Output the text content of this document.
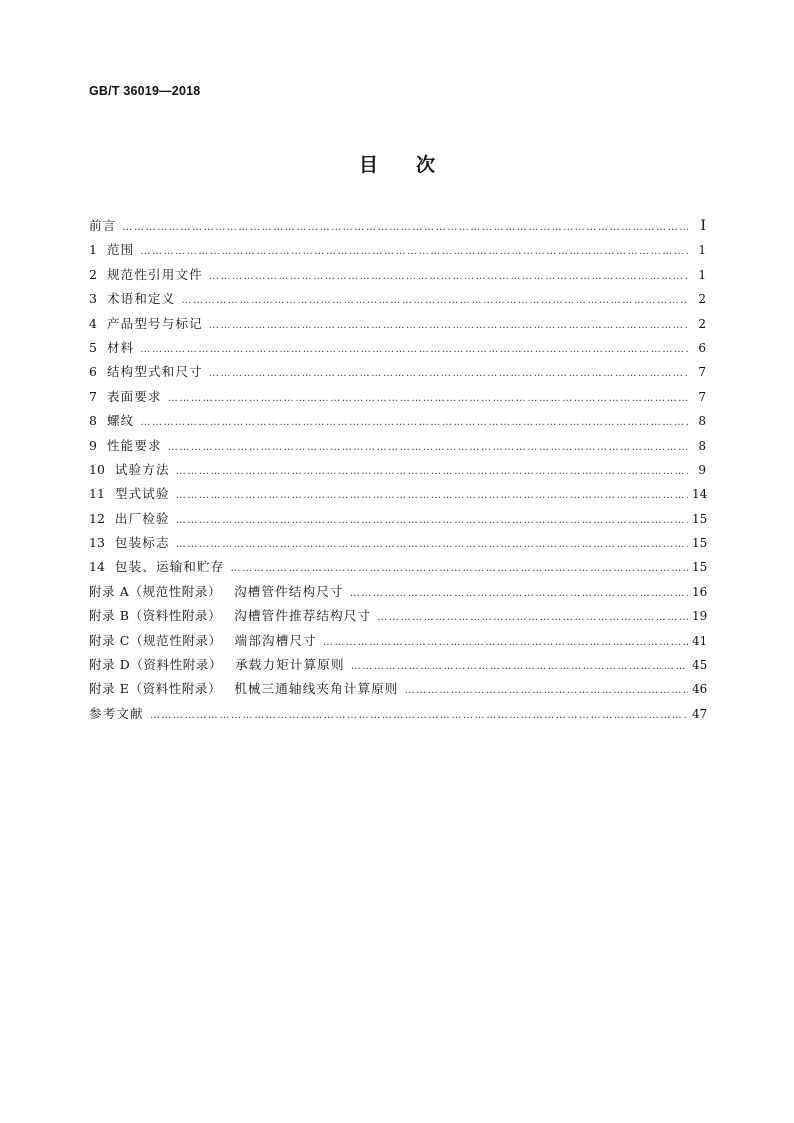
GB/T 36019—2018
目 次
前言 …………………………………………………………………………………………………………………………………………………………………………………………	Ⅰ
1 范围 …………………………………………………………………………………………………………………………………………………………………………………………	1
2 规范性引用文件 …………………………………………………………………………………………………………………………………………………………………………………………	1
3 术语和定义 …………………………………………………………………………………………………………………………………………………………………………………………	2
4 产品型号与标记 …………………………………………………………………………………………………………………………………………………………………………………………	2
5 材料 …………………………………………………………………………………………………………………………………………………………………………………………	6
6 结构型式和尺寸 …………………………………………………………………………………………………………………………………………………………………………………………	7
7 表面要求 …………………………………………………………………………………………………………………………………………………………………………………………	7
8 螺纹 …………………………………………………………………………………………………………………………………………………………………………………………	8
9 性能要求 …………………………………………………………………………………………………………………………………………………………………………………………	8
10 试验方法 …………………………………………………………………………………………………………………………………………………………………………………………	9
11 型式试验 …………………………………………………………………………………………………………………………………………………………………………………………	14
12 出厂检验 …………………………………………………………………………………………………………………………………………………………………………………………	15
13 包装标志 …………………………………………………………………………………………………………………………………………………………………………………………	15
14 包装、运输和贮存 …………………………………………………………………………………………………………………………………………………………………………………………	15
附录 A（规范性附录） 沟槽管件结构尺寸 …………………………………………………………………………………………………………………………………………………………………………………………	16
附录 B（资料性附录） 沟槽管件推荐结构尺寸 …………………………………………………………………………………………………………………………………………………………………………………………	19
附录 C（规范性附录） 端部沟槽尺寸 …………………………………………………………………………………………………………………………………………………………………………………………	41
附录 D（资料性附录） 承载力矩计算原则 …………………………………………………………………………………………………………………………………………………………………………………………	45
附录 E（资料性附录） 机械三通轴线夹角计算原则 …………………………………………………………………………………………………………………………………………………………………………………………	46
参考文献 …………………………………………………………………………………………………………………………………………………………………………………………	47
